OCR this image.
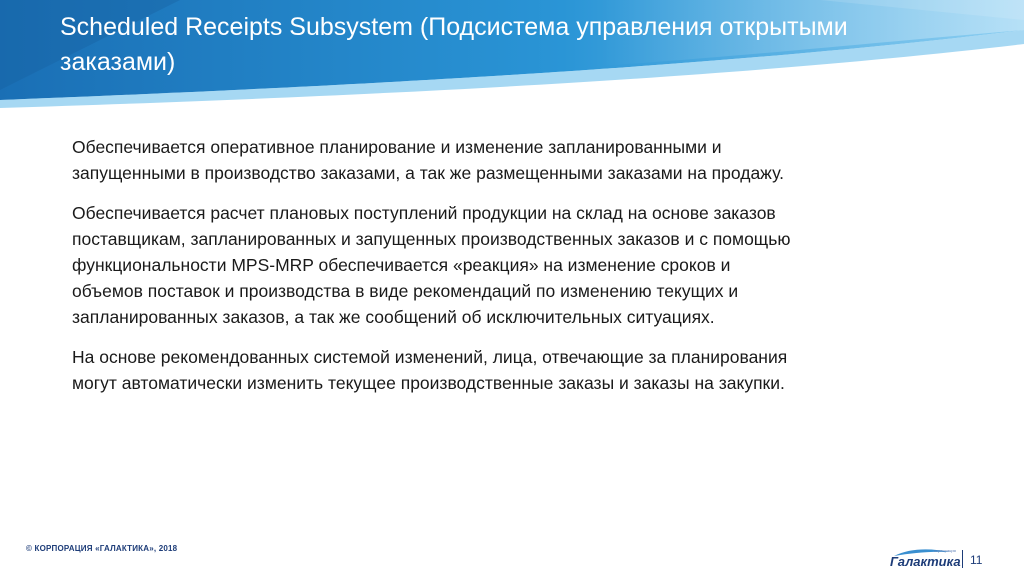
Scheduled Receipts Subsystem (Подсистема управления открытыми заказами)

Обеспечивается оперативное планирование и изменение запланированными и запущенными в производство заказами, а так же размещенными заказами на продажу.

Обеспечивается расчет плановых поступлений продукции на склад на основе заказов поставщикам, запланированных и запущенных производственных заказов и с помощью функциональности MPS-MRP обеспечивается «реакция» на изменение сроков и объемов поставок и производства в виде рекомендаций по изменению текущих и запланированных заказов, а так же сообщений об исключительных ситуациях.

На основе рекомендованных системой изменений, лица, отвечающие за планирования могут автоматически изменить текущее производственные заказы и заказы на закупки.

© КОРПОРАЦИЯ «ГАЛАКТИКА», 2018	корпорация
Галактика 11
